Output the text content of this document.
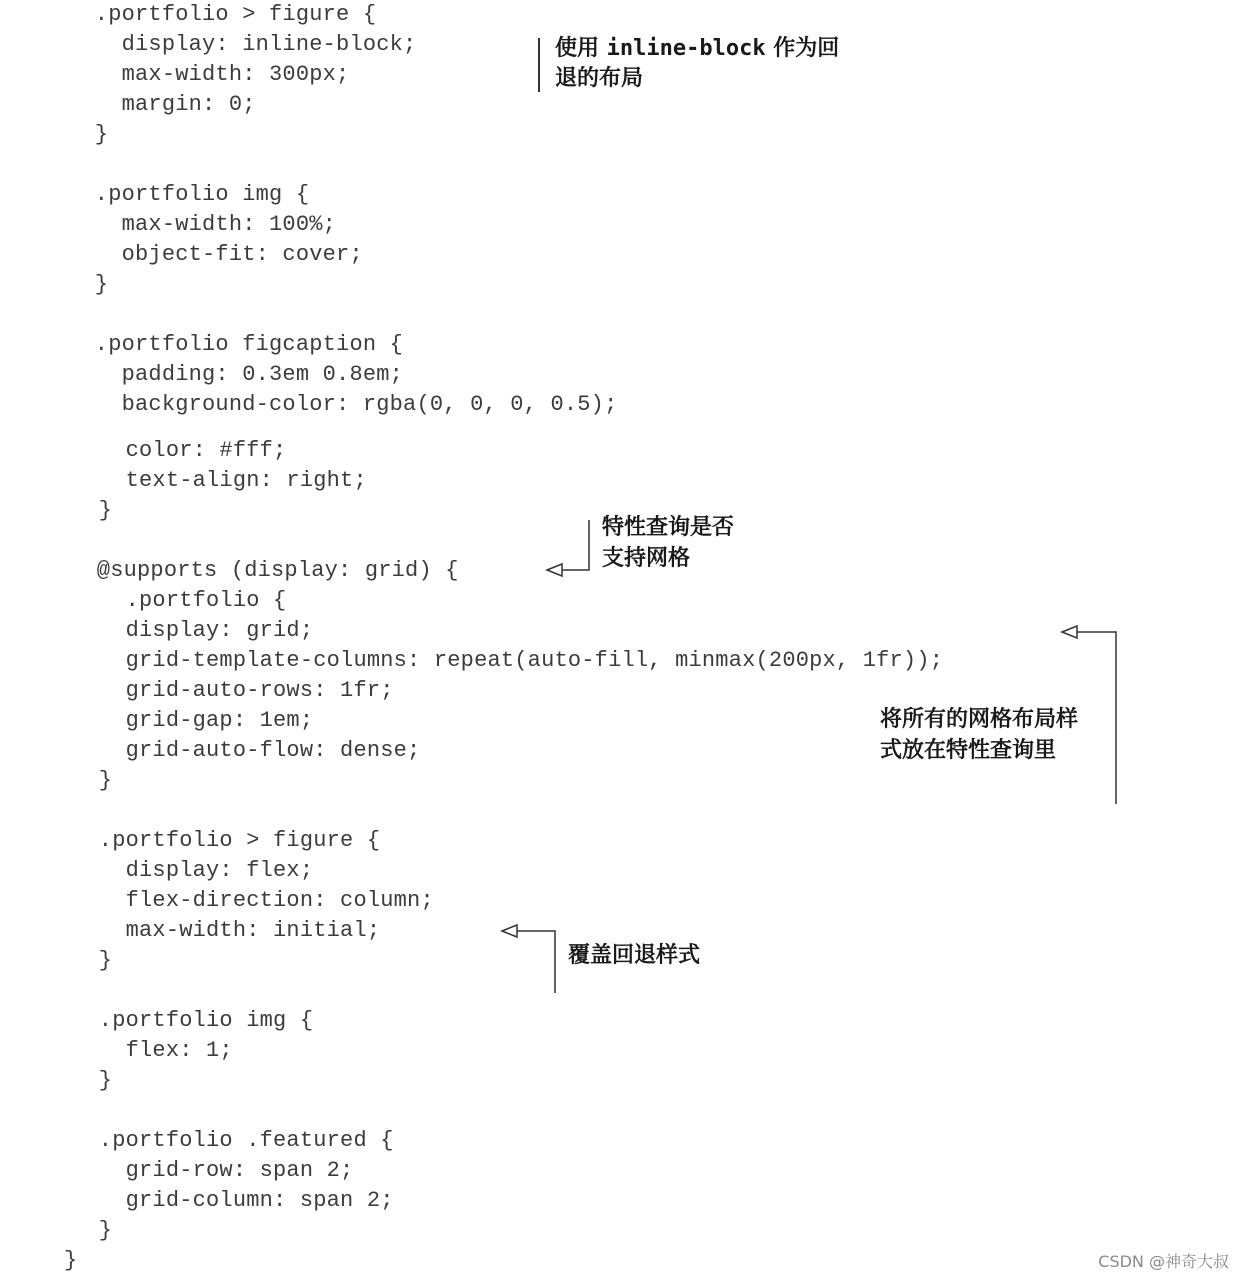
.portfolio > figure {
display: inline-block;
max-width: 300px;
margin: 0;
}
.portfolio img {
max-width: 100%;
object-fit: cover;
}
.portfolio figcaption {
padding: 0.3em 0.8em;
background-color: rgba(0, 0, 0, 0.5);
color: #fff;
text-align: right;
}
@supports (display: grid) {
.portfolio {
display: grid;
grid-template-columns: repeat(auto-fill, minmax(200px, 1fr));
grid-auto-rows: 1fr;
grid-gap: 1em;
grid-auto-flow: dense;
}
.portfolio > figure {
display: flex;
flex-direction: column;
max-width: initial;
}
.portfolio img {
flex: 1;
}
.portfolio .featured {
grid-row: span 2;
grid-column: span 2;
}
}
使用 inline-block 作为回
退的布局
特性查询是否
支持网格
将所有的网格布局样
式放在特性查询里
覆盖回退样式
CSDN @神奇大叔
